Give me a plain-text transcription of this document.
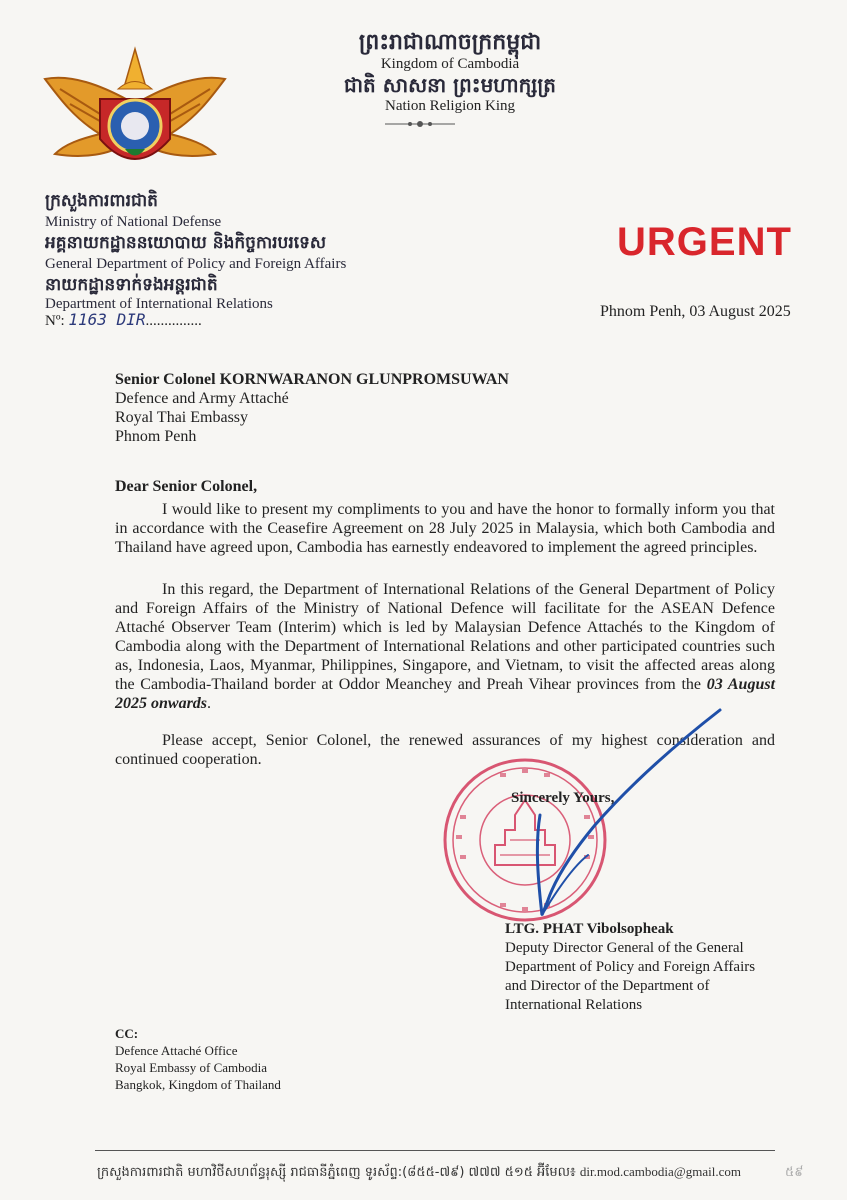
ព្រះរាជាណាចក្រកម្ពុជា
Kingdom of Cambodia
ជាតិ សាសនា ព្រះមហាក្សត្រ
Nation Religion King
ក្រសួងការពារជាតិ
Ministry of National Defense
អគ្គនាយកដ្ឋាននយោបាយ និងកិច្ចការបរទេស
General Department of Policy and Foreign Affairs
នាយកដ្ឋានទាក់ទងអន្តរជាតិ
Department of International Relations
Nº: 1163 DIR...............
URGENT
Phnom Penh, 03 August 2025
Senior Colonel KORNWARANON GLUNPROMSUWAN
Defence and Army Attaché
Royal Thai Embassy
Phnom Penh
Dear Senior Colonel,

I would like to present my compliments to you and have the honor to formally inform you that in accordance with the Ceasefire Agreement on 28 July 2025 in Malaysia, which both Cambodia and Thailand have agreed upon, Cambodia has earnestly endeavored to implement the agreed principles.

In this regard, the Department of International Relations of the General Department of Policy and Foreign Affairs of the Ministry of National Defence will facilitate for the ASEAN Defence Attaché Observer Team (Interim) which is led by Malaysian Defence Attachés to the Kingdom of Cambodia along with the Department of International Relations and other participated countries such as, Indonesia, Laos, Myanmar, Philippines, Singapore, and Vietnam, to visit the affected areas along the Cambodia-Thailand border at Oddor Meanchey and Preah Vihear provinces from the 03 August 2025 onwards.

Please accept, Senior Colonel, the renewed assurances of my highest consideration and continued cooperation.

Sincerely Yours,
LTG. PHAT Vibolsopheak
Deputy Director General of the General
Department of Policy and Foreign Affairs
and Director of the Department of
International Relations
CC:
Defence Attaché Office
Royal Embassy of Cambodia
Bangkok, Kingdom of Thailand
ក្រសួងការពារជាតិ មហាវិថីសហព័ន្ធរុស្ស៊ី រាជធានីភ្នំពេញ ទូរស័ព្ទ:(៨៥៥-៧៩) ៧៧៧ ៥១៥ អ៊ីមែល៖ dir.mod.cambodia@gmail.com	៥៩
